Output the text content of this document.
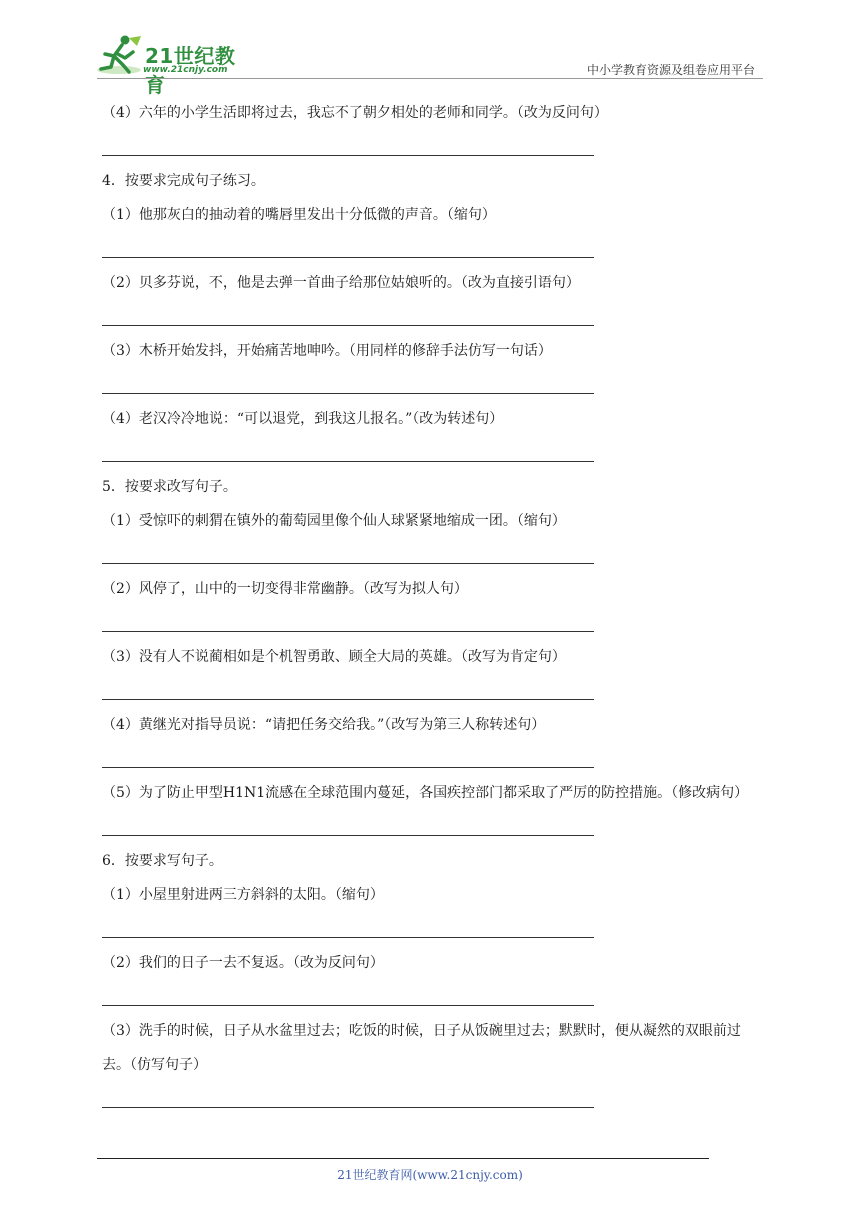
21世纪教育
www.21cnjy.com	中小学教育资源及组卷应用平台
（4）六年的小学生活即将过去，我忘不了朝夕相处的老师和同学。（改为反问句）
4．按要求完成句子练习。
（1）他那灰白的抽动着的嘴唇里发出十分低微的声音。（缩句）
（2）贝多芬说，不，他是去弹一首曲子给那位姑娘听的。（改为直接引语句）
（3）木桥开始发抖，开始痛苦地呻吟。（用同样的修辞手法仿写一句话）
（4）老汉冷冷地说：“可以退党，到我这儿报名。”（改为转述句）
5．按要求改写句子。
（1）受惊吓的刺猬在镇外的葡萄园里像个仙人球紧紧地缩成一团。（缩句）
（2）风停了，山中的一切变得非常幽静。（改写为拟人句）
（3）没有人不说蔺相如是个机智勇敢、顾全大局的英雄。（改写为肯定句）
（4）黄继光对指导员说：“请把任务交给我。”（改写为第三人称转述句）
（5）为了防止甲型H1N1流感在全球范围内蔓延，各国疾控部门都采取了严厉的防控措施。（修改病句）
6．按要求写句子。
（1）小屋里射进两三方斜斜的太阳。（缩句）
（2）我们的日子一去不复返。（改为反问句）
（3）洗手的时候，日子从水盆里过去；吃饭的时候，日子从饭碗里过去；默默时，便从凝然的双眼前过去。（仿写句子）
21世纪教育网(www.21cnjy.com)
